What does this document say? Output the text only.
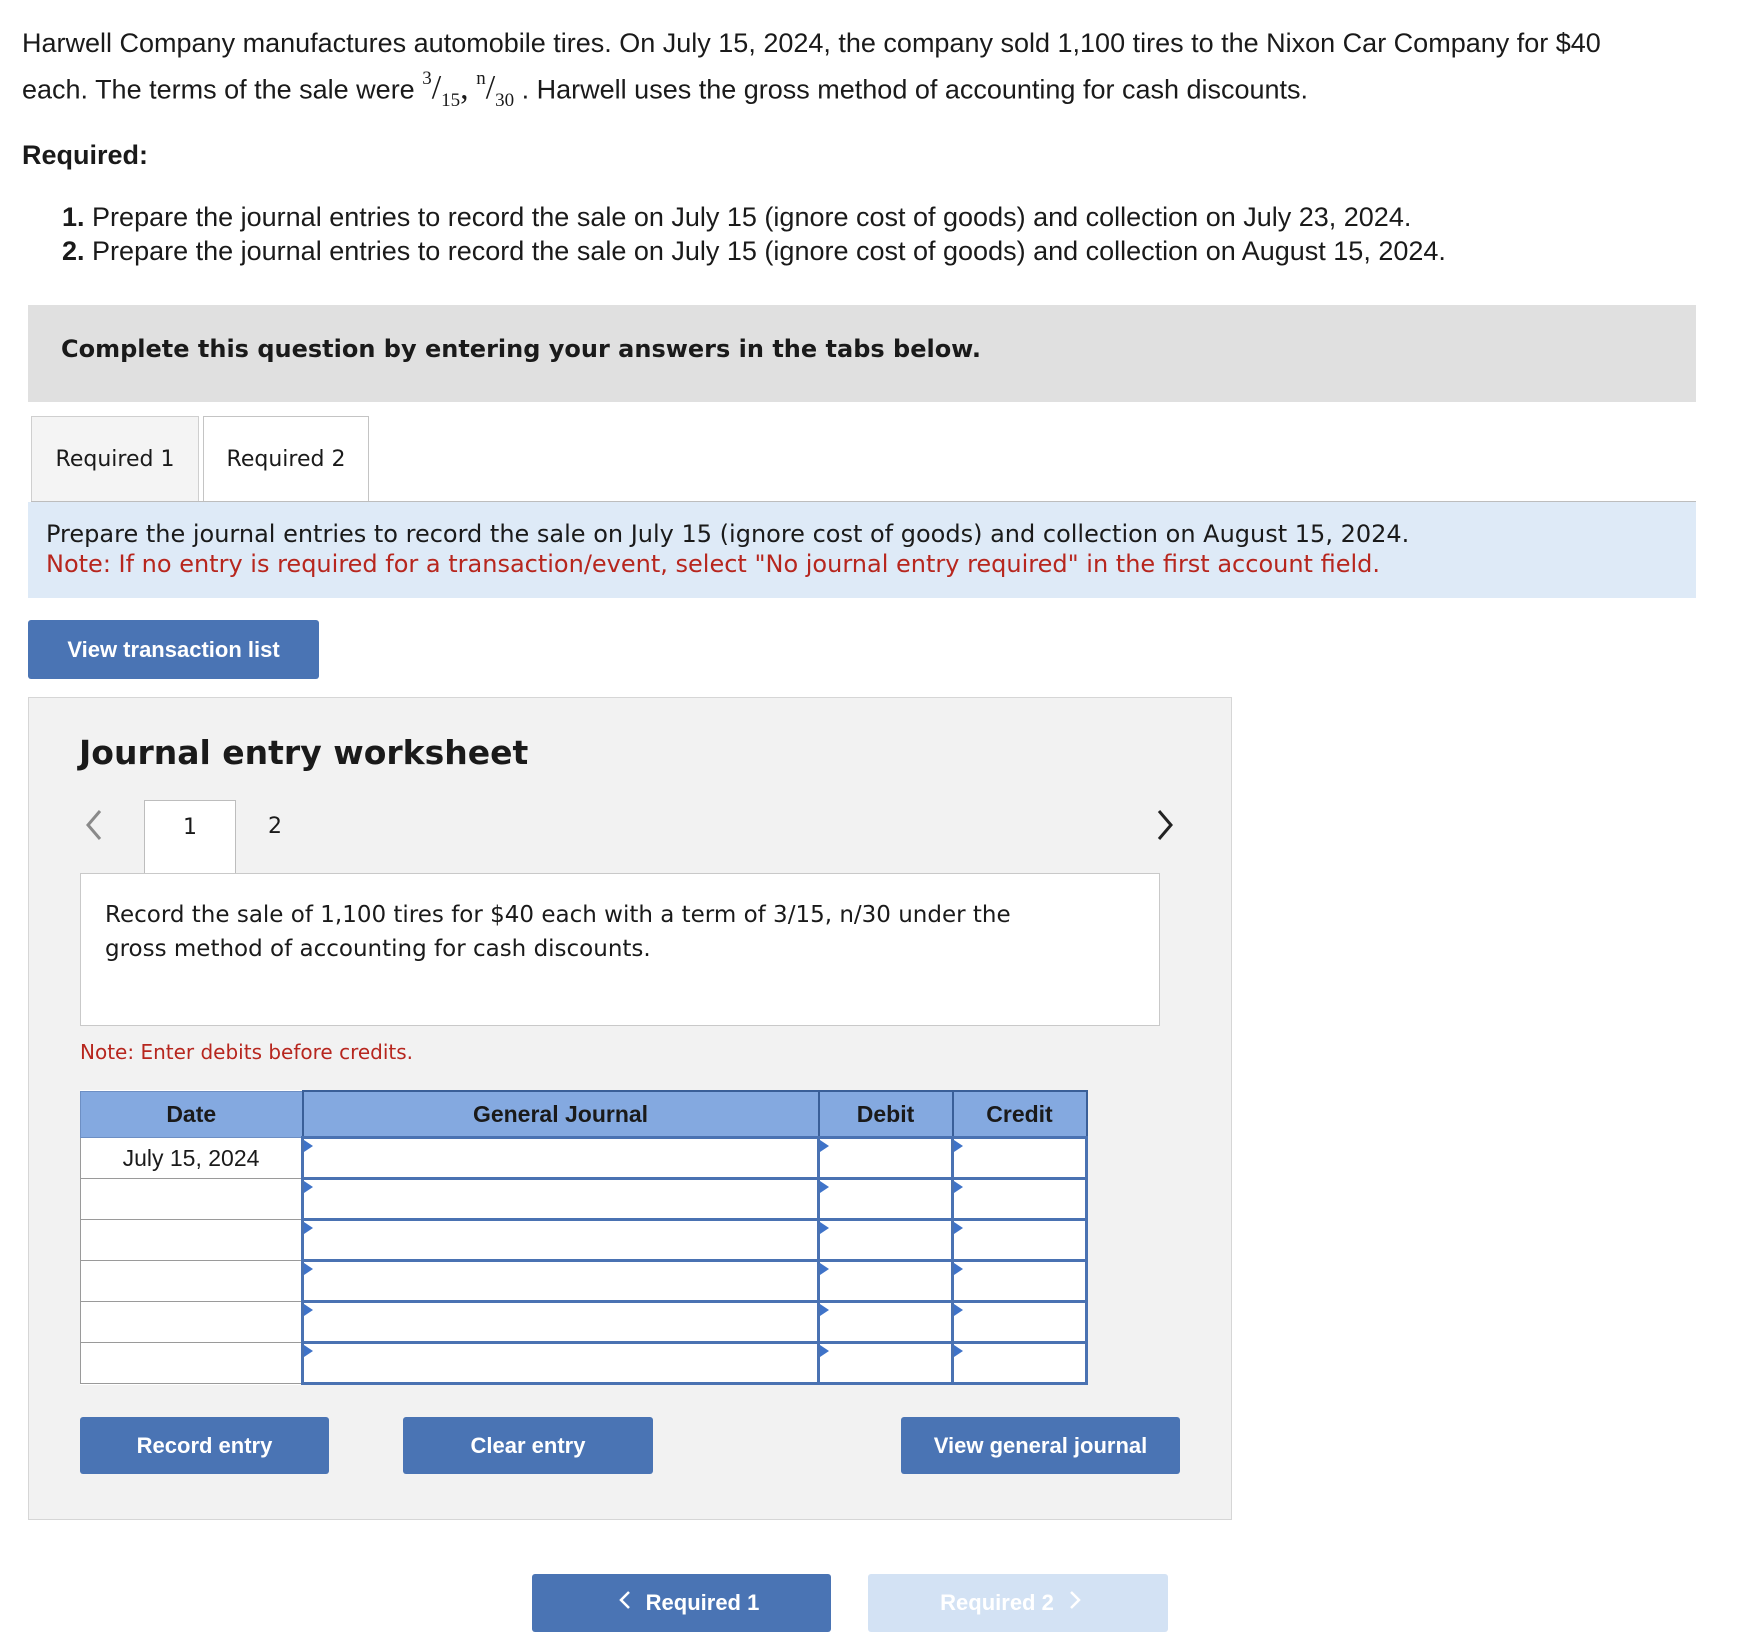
Harwell Company manufactures automobile tires. On July 15, 2024, the company sold 1,100 tires to the Nixon Car Company for $40
each. The terms of the sale were $^3/_{15}$, $^n/_{30}$ . Harwell uses the gross method of accounting for cash discounts.
Required:
1. Prepare the journal entries to record the sale on July 15 (ignore cost of goods) and collection on July 23, 2024.
2. Prepare the journal entries to record the sale on July 15 (ignore cost of goods) and collection on August 15, 2024.
Complete this question by entering your answers in the tabs below.
Required 1	Required 2
Prepare the journal entries to record the sale on July 15 (ignore cost of goods) and collection on August 15, 2024.
Note: If no entry is required for a transaction/event, select "No journal entry required" in the first account field.
View transaction list
Journal entry worksheet
1	2
Record the sale of 1,100 tires for $40 each with a term of 3/15, n/30 under the gross method of accounting for cash discounts.
Note: Enter debits before credits.
Date	General Journal	Debit	Credit
July 15, 2024			

Record entry	Clear entry	View general journal
Required 1	Required 2
